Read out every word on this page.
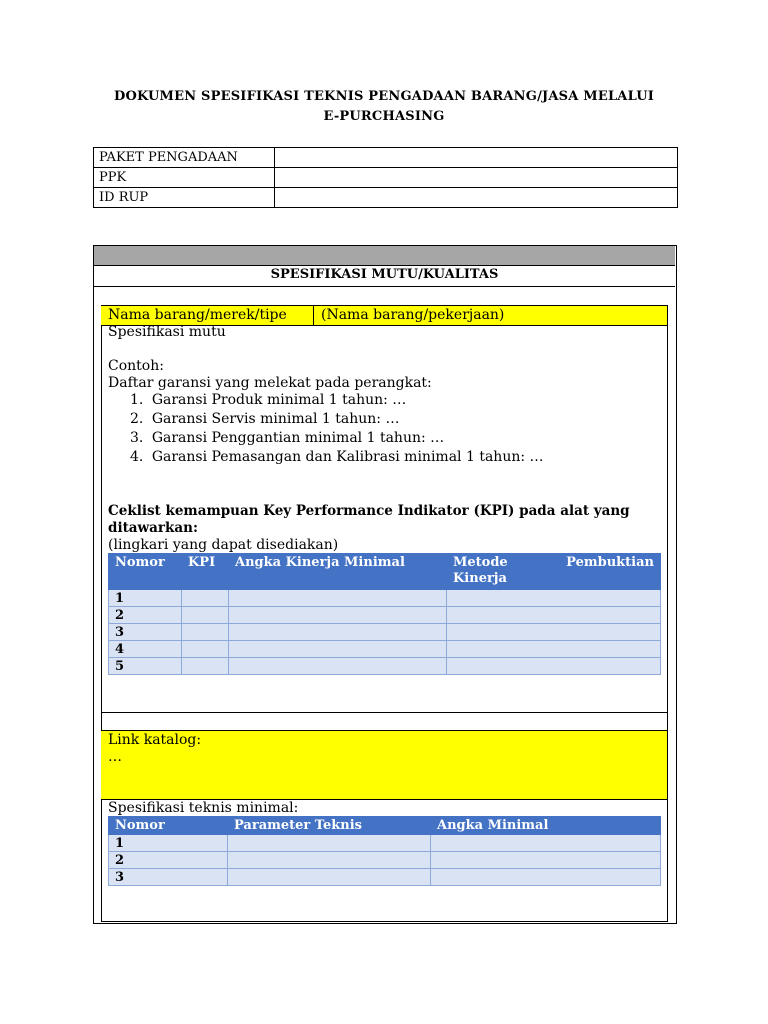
DOKUMEN SPESIFIKASI TEKNIS PENGADAAN BARANG/JASA MELALUI
E-PURCHASING
PAKET PENGADAAN	
PPK	
ID RUP	
SPESIFIKASI MUTU/KUALITAS
Nama barang/merek/tipe (Nama barang/pekerjaan)
Spesifikasi mutu
Contoh:
Daftar garansi yang melekat pada perangkat:
1. Garansi Produk minimal 1 tahun: …
2. Garansi Servis minimal 1 tahun: …
3. Garansi Penggantian minimal 1 tahun: …
4. Garansi Pemasangan dan Kalibrasi minimal 1 tahun: …
Ceklist kemampuan Key Performance Indikator (KPI) pada alat yang
ditawarkan:
(lingkari yang dapat disediakan)
Nomor	KPI	Angka Kinerja Minimal	Metode Kinerja	Pembuktian
1				
2				
3				
4				
5				
Link katalog:
…
Spesifikasi teknis minimal:
Nomor	Parameter Teknis	Angka Minimal
1		
2		
3		
